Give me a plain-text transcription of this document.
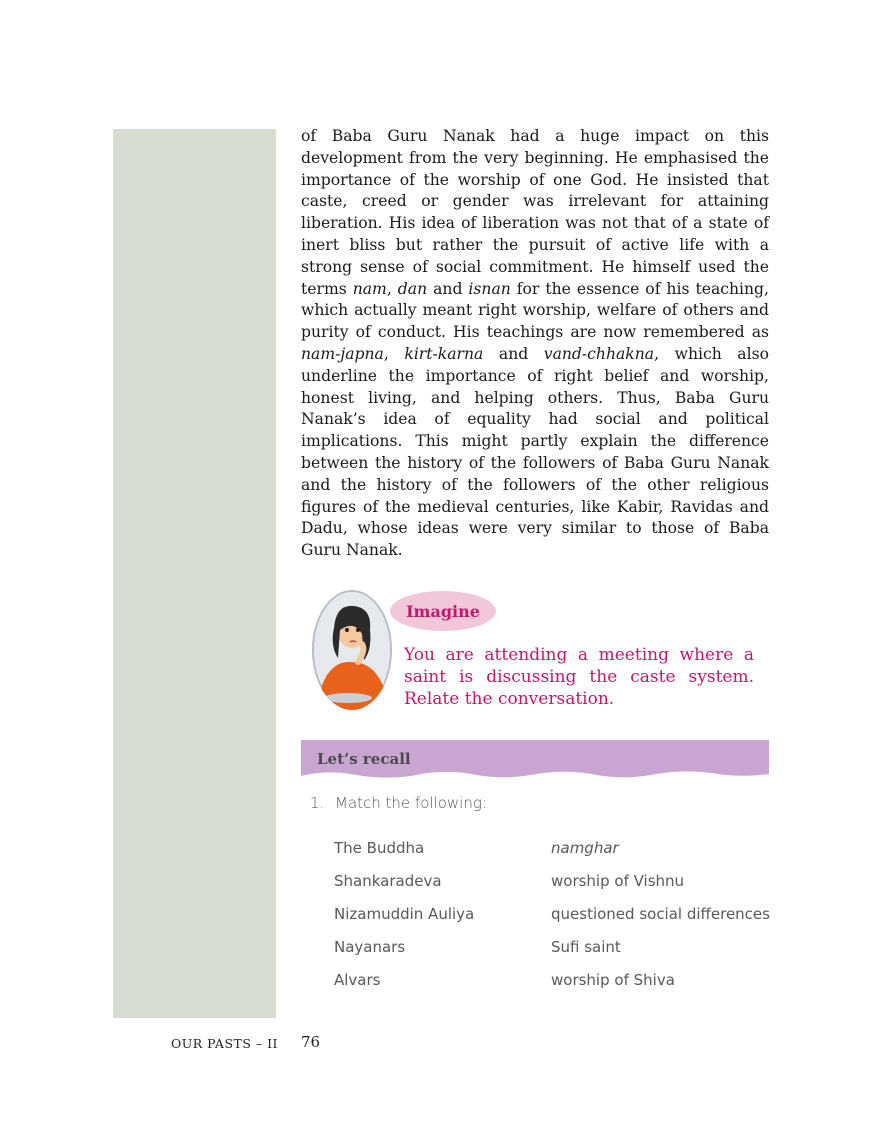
of Baba Guru Nanak had a huge impact on this development from the very beginning. He emphasised the importance of the worship of one God. He insisted that caste, creed or gender was irrelevant for attaining liberation. His idea of liberation was not that of a state of inert bliss but rather the pursuit of active life with a strong sense of social commitment. He himself used the terms nam, dan and isnan for the essence of his teaching, which actually meant right worship, welfare of others and purity of conduct. His teachings are now remembered as nam-japna, kirt-karna and vand-chhakna, which also underline the importance of right belief and worship, honest living, and helping others. Thus, Baba Guru Nanak’s idea of equality had social and political implications. This might partly explain the difference between the history of the followers of Baba Guru Nanak and the history of the followers of the other religious figures of the medieval centuries, like Kabir, Ravidas and Dadu, whose ideas were very similar to those of Baba Guru Nanak.

Imagine

You are attending a meeting where a saint is discussing the caste system. Relate the conversation.

Let’s recall
1. Match the following:
The Buddha	namghar
Shankaradeva	worship of Vishnu
Nizamuddin Auliya	questioned social differences
Nayanars	Sufi saint
Alvars	worship of Shiva
OUR PASTS – II 76
